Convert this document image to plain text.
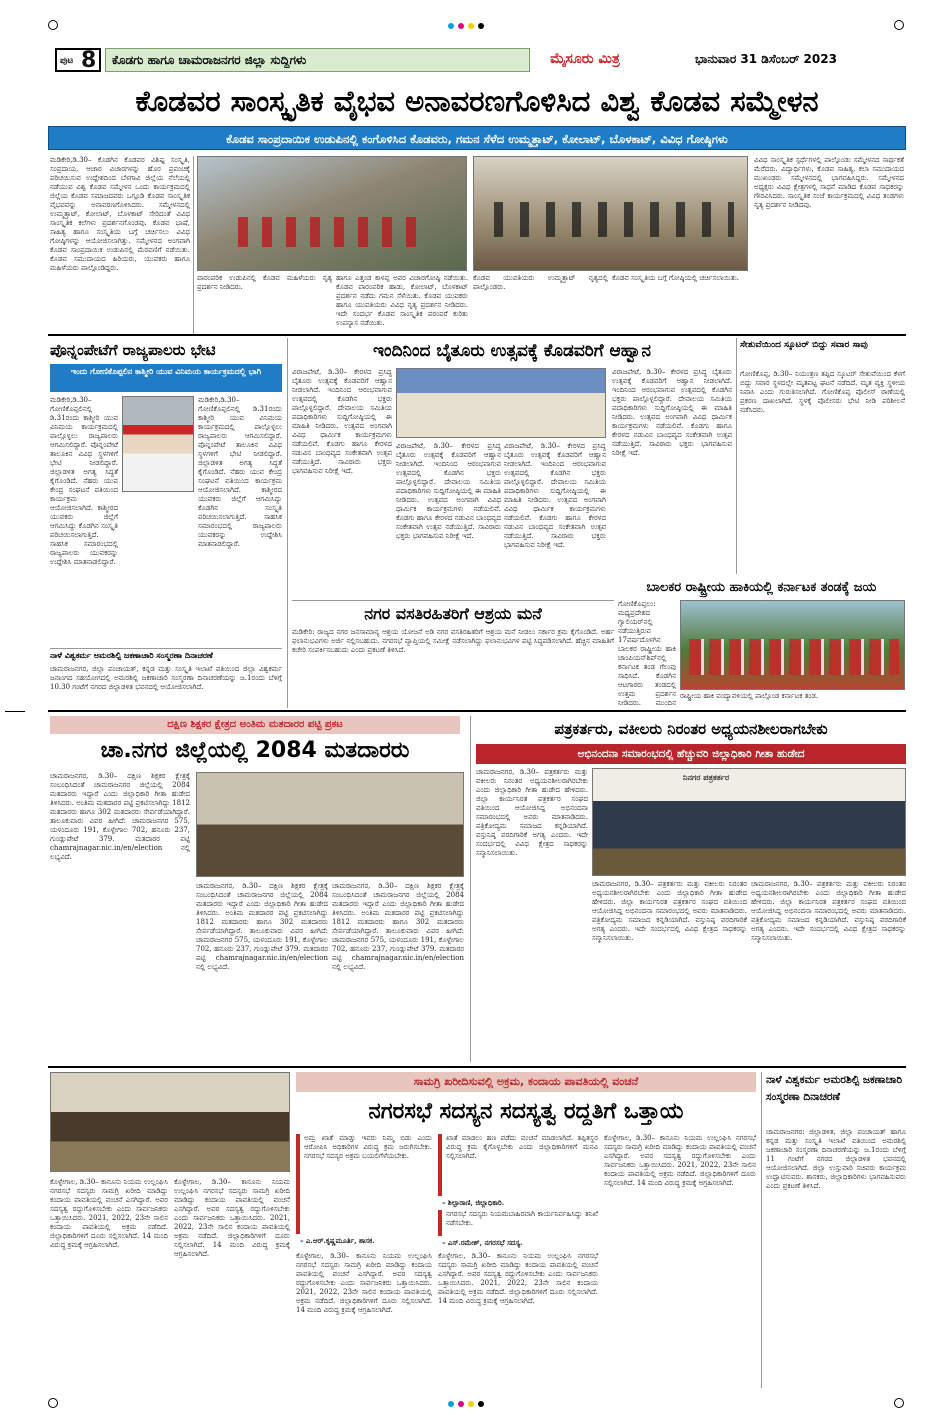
ಪುಟ 8 ಕೊಡಗು ಹಾಗೂ ಚಾಮರಾಜನಗರ ಜಿಲ್ಲಾ ಸುದ್ದಿಗಳು	ಮೈಸೂರು ಮಿತ್ರ	ಭಾನುವಾರ 31 ಡಿಸೆಂಬರ್ 2023
ಕೊಡವರ ಸಾಂಸ್ಕೃತಿಕ ವೈಭವ ಅನಾವರಣಗೊಳಿಸಿದ ವಿಶ್ವ ಕೊಡವ ಸಮ್ಮೇಳನ
ಕೊಡವ ಸಾಂಪ್ರದಾಯಿಕ ಉಡುಪಿನಲ್ಲಿ ಕಂಗೊಳಿಸಿದ ಕೊಡವರು, ಗಮನ ಸೆಳೆದ ಉಮ್ಮತ್ತಾಟ್, ಕೋಲಾಟ್, ಬೊಳಕಾಟ್, ವಿವಿಧ ಗೋಷ್ಠಿಗಳು
ಮಡಿಕೇರಿ,ಡಿ.30– ಕೊಡಗಿನ ಕೊಡವರ ವಿಶಿಷ್ಟ ಸಂಸ್ಕೃತಿ, ಸಂಪ್ರದಾಯ, ಆಚಾರ ವಿಚಾರಗಳನ್ನು ಹೊರ ಪ್ರಪಂಚಕ್ಕೆ ಪರಿಚಯಿಸುವ ಉದ್ದೇಶದಿಂದ ಬೆಳಗಾವಿ ಜಿಲ್ಲೆಯ ನೆಲೆಯಲ್ಲಿ ನಡೆಯುವ ವಿಶ್ವ ಕೊಡವ ಸಮ್ಮೇಳನ ಒಂದು ಕಾರ್ಯಕ್ರಮದಲ್ಲಿ ಜಿಲ್ಲೆಯ ಕೊಡವ ಸಮಾಜದವರು ಒಗ್ಗೂಡಿ ಕೊಡವ ಸಾಂಸ್ಕೃತಿಕ ವೈಭವವನ್ನು ಅನಾವರಣಗೊಳಿಸಿದರು. ಸಮ್ಮೇಳನದಲ್ಲಿ ಉಮ್ಮತ್ತಾಟ್, ಕೋಲಾಟ್, ಬೊಳಕಾಟ್ ಸೇರಿದಂತೆ ವಿವಿಧ ಸಾಂಸ್ಕೃತಿಕ ಕಲೆಗಳು ಪ್ರದರ್ಶನಗೊಂಡವು. ಕೊಡವ ಭಾಷೆ, ಸಾಹಿತ್ಯ ಹಾಗೂ ಸಂಸ್ಕೃತಿಯ ಬಗ್ಗೆ ಚರ್ಚಿಸಲು ವಿವಿಧ ಗೋಷ್ಠಿಗಳನ್ನು ಆಯೋಜಿಸಲಾಗಿತ್ತು. ಸಮ್ಮೇಳನದ ಅಂಗವಾಗಿ ಕೊಡವ ಸಾಂಪ್ರದಾಯಿಕ ಉಡುಪಿನಲ್ಲಿ ಮೆರವಣಿಗೆ ನಡೆಯಿತು. ಕೊಡವ ಸಮುದಾಯದ ಹಿರಿಯರು, ಯುವಕರು ಹಾಗೂ ಮಹಿಳೆಯರು ಪಾಲ್ಗೊಂಡಿದ್ದರು.
ವಿವಿಧ ಸಾಂಸ್ಕೃತಿಕ ಸ್ಪರ್ಧೆಗಳಲ್ಲಿ ಪಾಲ್ಗೊಂಡು ಸಮ್ಮೇಳನದ ಸಾರ್ಥಕತೆ ಮೆರೆದರು. ವಿದ್ಯಾರ್ಥಿಗಳು, ಕೊಡವ ಸಾಹಿತ್ಯ, ಕಲಾ ಸಮುದಾಯದ ಮುಖಂಡರು ಸಮ್ಮೇಳನದಲ್ಲಿ ಭಾಗವಹಿಸಿದ್ದರು. ಸಮ್ಮೇಳನದ ಅಧ್ಯಕ್ಷರು ವಿವಿಧ ಕ್ಷೇತ್ರಗಳಲ್ಲಿ ಸಾಧನೆ ಮಾಡಿದ ಕೊಡವ ಸಾಧಕರನ್ನು ಗೌರವಿಸಿದರು. ಸಾಂಸ್ಕೃತಿಕ ಸಂಜೆ ಕಾರ್ಯಕ್ರಮದಲ್ಲಿ ವಿವಿಧ ತಂಡಗಳು ನೃತ್ಯ ಪ್ರದರ್ಶನ ನೀಡಿದವು.
ಪಾರಂಪರಿಕ ಉಡುಪಿನಲ್ಲಿ ಕೊಡವ ಮಹಿಳೆಯರು ನೃತ್ಯ ಪ್ರದರ್ಶನ ನೀಡಿದರು.
ಹಾಗೂ ಎತ್ತಂಡ ಕಾಳಪ್ಪ ಅವರ ವಿಚಾರಗೋಷ್ಠಿ ನಡೆಯಿತು. ಕೊಡವ ಪಾರಂಪರಿಕ ಹಾಡು, ಕೋಲಾಟ್, ಬೊಳಕಾಟ್ ಪ್ರದರ್ಶನ ನಡೆದು ಗಮನ ಸೆಳೆಯಿತು. ಕೊಡವ ಯುವಕರು ಹಾಗೂ ಯುವತಿಯರು ವಿವಿಧ ನೃತ್ಯ ಪ್ರದರ್ಶನ ನೀಡಿದರು. ಇದೇ ಸಂದರ್ಭ ಕೊಡವ ಸಾಂಸ್ಕೃತಿಕ ಪರಂಪರೆ ಕುರಿತು ಉಪನ್ಯಾಸ ನಡೆಯಿತು.
ಕೊಡವ ಯುವತಿಯರು ಉಮ್ಮತ್ತಾಟ್ ನೃತ್ಯದಲ್ಲಿ ಪಾಲ್ಗೊಂಡರು.
ಕೊಡವ ಸಂಸ್ಕೃತಿಯ ಬಗ್ಗೆ ಗೋಷ್ಠಿಯಲ್ಲಿ ಚರ್ಚಿಸಲಾಯಿತು.
ಪೊನ್ನಂಪೇಟೆಗೆ ರಾಜ್ಯಪಾಲರು ಭೇಟಿ
ಇಂದು ಗೋಣಿಕೊಪ್ಪಲಿನ ಕಾಶ್ಮೀರಿ ಯುವ ವಿನಿಮಯ ಕಾರ್ಯಕ್ರಮದಲ್ಲಿ ಭಾಗಿ
ಮಡಿಕೇರಿ,ಡಿ.30– ಗೋಣಿಕೊಪ್ಪಲಿನಲ್ಲಿ ಡಿ.31ರಂದು ಕಾಶ್ಮೀರಿ ಯುವ ವಿನಿಮಯ ಕಾರ್ಯಕ್ರಮದಲ್ಲಿ ಪಾಲ್ಗೊಳ್ಳಲು ರಾಜ್ಯಪಾಲರು ಆಗಮಿಸಲಿದ್ದಾರೆ. ಪೊನ್ನಂಪೇಟೆ ತಾಲೂಕಿನ ವಿವಿಧ ಸ್ಥಳಗಳಿಗೆ ಭೇಟಿ ನೀಡಲಿದ್ದಾರೆ. ಜಿಲ್ಲಾಡಳಿತ ಅಗತ್ಯ ಸಿದ್ಧತೆ ಕೈಗೊಂಡಿದೆ. ನೆಹರು ಯುವ ಕೇಂದ್ರ ಸಂಘಟನೆ ವತಿಯಿಂದ ಕಾರ್ಯಕ್ರಮ ಆಯೋಜಿಸಲಾಗಿದೆ. ಕಾಶ್ಮೀರದ ಯುವಕರು ಜಿಲ್ಲೆಗೆ ಆಗಮಿಸಿದ್ದು ಕೊಡಗಿನ ಸಂಸ್ಕೃತಿ ಪರಿಚಯಿಸಲಾಗುತ್ತಿದೆ. ಸಾಹಸಿಕ ಸಮಾರಂಭದಲ್ಲಿ ರಾಜ್ಯಪಾಲರು ಯುವಕರನ್ನು ಉದ್ದೇಶಿಸಿ ಮಾತನಾಡಲಿದ್ದಾರೆ.
ಮಡಿಕೇರಿ,ಡಿ.30– ಗೋಣಿಕೊಪ್ಪಲಿನಲ್ಲಿ ಡಿ.31ರಂದು ಕಾಶ್ಮೀರಿ ಯುವ ವಿನಿಮಯ ಕಾರ್ಯಕ್ರಮದಲ್ಲಿ ಪಾಲ್ಗೊಳ್ಳಲು ರಾಜ್ಯಪಾಲರು ಆಗಮಿಸಲಿದ್ದಾರೆ. ಪೊನ್ನಂಪೇಟೆ ತಾಲೂಕಿನ ವಿವಿಧ ಸ್ಥಳಗಳಿಗೆ ಭೇಟಿ ನೀಡಲಿದ್ದಾರೆ. ಜಿಲ್ಲಾಡಳಿತ ಅಗತ್ಯ ಸಿದ್ಧತೆ ಕೈಗೊಂಡಿದೆ. ನೆಹರು ಯುವ ಕೇಂದ್ರ ಸಂಘಟನೆ ವತಿಯಿಂದ ಕಾರ್ಯಕ್ರಮ ಆಯೋಜಿಸಲಾಗಿದೆ. ಕಾಶ್ಮೀರದ ಯುವಕರು ಜಿಲ್ಲೆಗೆ ಆಗಮಿಸಿದ್ದು ಕೊಡಗಿನ ಸಂಸ್ಕೃತಿ ಪರಿಚಯಿಸಲಾಗುತ್ತಿದೆ. ಸಾಹಸಿಕ ಸಮಾರಂಭದಲ್ಲಿ ರಾಜ್ಯಪಾಲರು ಯುವಕರನ್ನು ಉದ್ದೇಶಿಸಿ ಮಾತನಾಡಲಿದ್ದಾರೆ.
ನಾಳೆ ವಿಶ್ವಕರ್ಮ ಅಮರಶಿಲ್ಪಿ ಜಕಣಾಚಾರಿ ಸಂಸ್ಮರಣಾ ದಿನಾಚರಣೆ
ಚಾಮರಾಜನಗರ, ಜಿಲ್ಲಾ ಪಂಚಾಯತ್, ಕನ್ನಡ ಮತ್ತು ಸಂಸ್ಕೃತಿ ಇಲಾಖೆ ವತಿಯಿಂದ ಜಿಲ್ಲಾ ವಿಶ್ವಕರ್ಮ ಜನಾಂಗದ ಸಹಯೋಗದಲ್ಲಿ ಅಮರಶಿಲ್ಪಿ ಜಕಣಾಚಾರಿ ಸಂಸ್ಮರಣಾ ದಿನಾಚರಣೆಯನ್ನು ಜ.1ರಂದು ಬೆಳಿಗ್ಗೆ 10.30 ಗಂಟೆಗೆ ನಗರದ ಜಿಲ್ಲಾಡಳಿತ ಭವನದಲ್ಲಿ ಆಯೋಜಿಸಲಾಗಿದೆ.
ಇಂದಿನಿಂದ ಬೈತೂರು ಉತ್ಸವಕ್ಕೆ ಕೊಡವರಿಗೆ ಆಹ್ವಾನ
ವಿರಾಜಪೇಟೆ, ಡಿ.30– ಕೇರಳದ ಪ್ರಸಿದ್ಧ ಬೈತೂರು ಉತ್ಸವಕ್ಕೆ ಕೊಡವರಿಗೆ ಆಹ್ವಾನ ನೀಡಲಾಗಿದೆ. ಇಂದಿನಿಂದ ಆರಂಭವಾಗುವ ಉತ್ಸವದಲ್ಲಿ ಕೊಡಗಿನ ಭಕ್ತರು ಪಾಲ್ಗೊಳ್ಳಲಿದ್ದಾರೆ. ದೇವಾಲಯ ಸಮಿತಿಯ ಪದಾಧಿಕಾರಿಗಳು ಸುದ್ದಿಗೋಷ್ಠಿಯಲ್ಲಿ ಈ ಮಾಹಿತಿ ನೀಡಿದರು. ಉತ್ಸವದ ಅಂಗವಾಗಿ ವಿವಿಧ ಧಾರ್ಮಿಕ ಕಾರ್ಯಕ್ರಮಗಳು ನಡೆಯಲಿವೆ. ಕೊಡಗು ಹಾಗೂ ಕೇರಳದ ನಡುವಿನ ಬಾಂಧವ್ಯದ ಸಂಕೇತವಾಗಿ ಉತ್ಸವ ನಡೆಯುತ್ತಿದೆ. ಸಾವಿರಾರು ಭಕ್ತರು ಭಾಗವಹಿಸುವ ನಿರೀಕ್ಷೆ ಇದೆ.
ವಿರಾಜಪೇಟೆ, ಡಿ.30– ಕೇರಳದ ಪ್ರಸಿದ್ಧ ಬೈತೂರು ಉತ್ಸವಕ್ಕೆ ಕೊಡವರಿಗೆ ಆಹ್ವಾನ ನೀಡಲಾಗಿದೆ. ಇಂದಿನಿಂದ ಆರಂಭವಾಗುವ ಉತ್ಸವದಲ್ಲಿ ಕೊಡಗಿನ ಭಕ್ತರು ಪಾಲ್ಗೊಳ್ಳಲಿದ್ದಾರೆ. ದೇವಾಲಯ ಸಮಿತಿಯ ಪದಾಧಿಕಾರಿಗಳು ಸುದ್ದಿಗೋಷ್ಠಿಯಲ್ಲಿ ಈ ಮಾಹಿತಿ ನೀಡಿದರು. ಉತ್ಸವದ ಅಂಗವಾಗಿ ವಿವಿಧ ಧಾರ್ಮಿಕ ಕಾರ್ಯಕ್ರಮಗಳು ನಡೆಯಲಿವೆ. ಕೊಡಗು ಹಾಗೂ ಕೇರಳದ ನಡುವಿನ ಬಾಂಧವ್ಯದ ಸಂಕೇತವಾಗಿ ಉತ್ಸವ ನಡೆಯುತ್ತಿದೆ. ಸಾವಿರಾರು ಭಕ್ತರು ಭಾಗವಹಿಸುವ ನಿರೀಕ್ಷೆ ಇದೆ.
ವಿರಾಜಪೇಟೆ, ಡಿ.30– ಕೇರಳದ ಪ್ರಸಿದ್ಧ ಬೈತೂರು ಉತ್ಸವಕ್ಕೆ ಕೊಡವರಿಗೆ ಆಹ್ವಾನ ನೀಡಲಾಗಿದೆ. ಇಂದಿನಿಂದ ಆರಂಭವಾಗುವ ಉತ್ಸವದಲ್ಲಿ ಕೊಡಗಿನ ಭಕ್ತರು ಪಾಲ್ಗೊಳ್ಳಲಿದ್ದಾರೆ. ದೇವಾಲಯ ಸಮಿತಿಯ ಪದಾಧಿಕಾರಿಗಳು ಸುದ್ದಿಗೋಷ್ಠಿಯಲ್ಲಿ ಈ ಮಾಹಿತಿ ನೀಡಿದರು. ಉತ್ಸವದ ಅಂಗವಾಗಿ ವಿವಿಧ ಧಾರ್ಮಿಕ ಕಾರ್ಯಕ್ರಮಗಳು ನಡೆಯಲಿವೆ. ಕೊಡಗು ಹಾಗೂ ಕೇರಳದ ನಡುವಿನ ಬಾಂಧವ್ಯದ ಸಂಕೇತವಾಗಿ ಉತ್ಸವ ನಡೆಯುತ್ತಿದೆ. ಸಾವಿರಾರು ಭಕ್ತರು ಭಾಗವಹಿಸುವ ನಿರೀಕ್ಷೆ ಇದೆ.
ವಿರಾಜಪೇಟೆ, ಡಿ.30– ಕೇರಳದ ಪ್ರಸಿದ್ಧ ಬೈತೂರು ಉತ್ಸವಕ್ಕೆ ಕೊಡವರಿಗೆ ಆಹ್ವಾನ ನೀಡಲಾಗಿದೆ. ಇಂದಿನಿಂದ ಆರಂಭವಾಗುವ ಉತ್ಸವದಲ್ಲಿ ಕೊಡಗಿನ ಭಕ್ತರು ಪಾಲ್ಗೊಳ್ಳಲಿದ್ದಾರೆ. ದೇವಾಲಯ ಸಮಿತಿಯ ಪದಾಧಿಕಾರಿಗಳು ಸುದ್ದಿಗೋಷ್ಠಿಯಲ್ಲಿ ಈ ಮಾಹಿತಿ ನೀಡಿದರು. ಉತ್ಸವದ ಅಂಗವಾಗಿ ವಿವಿಧ ಧಾರ್ಮಿಕ ಕಾರ್ಯಕ್ರಮಗಳು ನಡೆಯಲಿವೆ. ಕೊಡಗು ಹಾಗೂ ಕೇರಳದ ನಡುವಿನ ಬಾಂಧವ್ಯದ ಸಂಕೇತವಾಗಿ ಉತ್ಸವ ನಡೆಯುತ್ತಿದೆ. ಸಾವಿರಾರು ಭಕ್ತರು ಭಾಗವಹಿಸುವ ನಿರೀಕ್ಷೆ ಇದೆ.
ನಗರ ವಸತಿರಹಿತರಿಗೆ ಆಶ್ರಯ ಮನೆ
ಮಡಿಕೇರಿ: ರಾಜ್ಯದ ನಗರ ಜನಸಾಮಾನ್ಯ ಆಶ್ರಯ ಯೋಜನೆ ಅಡಿ ನಗರ ವಸತಿರಹಿತರಿಗೆ ಆಶ್ರಯ ಮನೆ ನೀಡಲು ಸರ್ಕಾರ ಕ್ರಮ ಕೈಗೊಂಡಿದೆ. ಅರ್ಹ ಫಲಾನುಭವಿಗಳು ಅರ್ಜಿ ಸಲ್ಲಿಸಬಹುದು. ನಗರಸಭೆ ವ್ಯಾಪ್ತಿಯಲ್ಲಿ ಸಮೀಕ್ಷೆ ನಡೆಸಲಾಗಿದ್ದು ಫಲಾನುಭವಿಗಳ ಪಟ್ಟಿ ಸಿದ್ಧಪಡಿಸಲಾಗಿದೆ. ಹೆಚ್ಚಿನ ಮಾಹಿತಿಗೆ ಕಚೇರಿ ಸಂಪರ್ಕಿಸಬಹುದು ಎಂದು ಪ್ರಕಟಣೆ ತಿಳಿಸಿದೆ.
ಬಾಲಕರ ರಾಷ್ಟ್ರೀಯ ಹಾಕಿಯಲ್ಲಿ ಕರ್ನಾಟಕ ತಂಡಕ್ಕೆ ಜಯ
ಗೋಣಿಕೊಪ್ಪಲು: ಮಧ್ಯಪ್ರದೇಶದ ಗ್ವಾಲಿಯರ್‌ನಲ್ಲಿ ನಡೆಯುತ್ತಿರುವ 17ವರ್ಷದೊಳಗಿನ ಬಾಲಕರ ರಾಷ್ಟ್ರೀಯ ಹಾಕಿ ಚಾಂಪಿಯನ್‌ಶಿಪ್‌ನಲ್ಲಿ ಕರ್ನಾಟಕ ತಂಡ ಗೆಲುವು ಸಾಧಿಸಿದೆ. ಕೊಡಗಿನ ಆಟಗಾರರು ತಂಡದಲ್ಲಿ ಉತ್ತಮ ಪ್ರದರ್ಶನ ನೀಡಿದರು. ಮುಂದಿನ
ರಾಷ್ಟ್ರೀಯ ಹಾಕಿ ಪಂದ್ಯಾವಳಿಯಲ್ಲಿ ಪಾಲ್ಗೊಂಡ ಕರ್ನಾಟಕ ತಂಡ.
ಸೇತುವೆಯಿಂದ ಸ್ಕೂಟರ್ ಬಿದ್ದು ಸವಾರ ಸಾವು
ಗೋಣಿಕೊಪ್ಪ, ಡಿ.30– ನಿಯಂತ್ರಣ ತಪ್ಪಿದ ಸ್ಕೂಟರ್ ಸೇತುವೆಯಿಂದ ಕೆಳಗೆ ಬಿದ್ದು ಸವಾರ ಸ್ಥಳದಲ್ಲೇ ಮೃತಪಟ್ಟ ಘಟನೆ ನಡೆದಿದೆ. ಮೃತ ವ್ಯಕ್ತಿ ಸ್ಥಳೀಯ ನಿವಾಸಿ ಎಂದು ಗುರುತಿಸಲಾಗಿದೆ. ಗೋಣಿಕೊಪ್ಪ ಪೊಲೀಸ್ ಠಾಣೆಯಲ್ಲಿ ಪ್ರಕರಣ ದಾಖಲಾಗಿದೆ. ಸ್ಥಳಕ್ಕೆ ಪೊಲೀಸರು ಭೇಟಿ ನೀಡಿ ಪರಿಶೀಲನೆ ನಡೆಸಿದರು.
ದಕ್ಷಿಣ ಶಿಕ್ಷಕರ ಕ್ಷೇತ್ರದ ಅಂತಿಮ ಮತದಾರರ ಪಟ್ಟಿ ಪ್ರಕಟ
ಚಾ.ನಗರ ಜಿಲ್ಲೆಯಲ್ಲಿ 2084 ಮತದಾರರು
ಚಾಮರಾಜನಗರ, ಡಿ.30– ದಕ್ಷಿಣ ಶಿಕ್ಷಕರ ಕ್ಷೇತ್ರಕ್ಕೆ ಸಂಬಂಧಿಸಿದಂತೆ ಚಾಮರಾಜನಗರ ಜಿಲ್ಲೆಯಲ್ಲಿ 2084 ಮತದಾರರು ಇದ್ದಾರೆ ಎಂದು ಜಿಲ್ಲಾಧಿಕಾರಿ ಗೀತಾ ಹುಡೇದ ತಿಳಿಸಿದರು. ಅಂತಿಮ ಮತದಾರರ ಪಟ್ಟಿ ಪ್ರಕಟಿಸಲಾಗಿದ್ದು 1812 ಮತದಾರರು ಹಾಗೂ 302 ಮತದಾರರು ಸೇರ್ಪಡೆಯಾಗಿದ್ದಾರೆ. ತಾಲೂಕುವಾರು ವಿವರ ಹೀಗಿದೆ: ಚಾಮರಾಜನಗರ 575, ಯಳಂದೂರು 191, ಕೊಳ್ಳೇಗಾಲ 702, ಹನೂರು 237, ಗುಂಡ್ಲುಪೇಟೆ 379. ಮತದಾರರ ಪಟ್ಟಿ chamrajnagar.nic.in/en/election ನಲ್ಲಿ ಲಭ್ಯವಿದೆ.
ಚಾಮರಾಜನಗರ, ಡಿ.30– ದಕ್ಷಿಣ ಶಿಕ್ಷಕರ ಕ್ಷೇತ್ರಕ್ಕೆ ಸಂಬಂಧಿಸಿದಂತೆ ಚಾಮರಾಜನಗರ ಜಿಲ್ಲೆಯಲ್ಲಿ 2084 ಮತದಾರರು ಇದ್ದಾರೆ ಎಂದು ಜಿಲ್ಲಾಧಿಕಾರಿ ಗೀತಾ ಹುಡೇದ ತಿಳಿಸಿದರು. ಅಂತಿಮ ಮತದಾರರ ಪಟ್ಟಿ ಪ್ರಕಟಿಸಲಾಗಿದ್ದು 1812 ಮತದಾರರು ಹಾಗೂ 302 ಮತದಾರರು ಸೇರ್ಪಡೆಯಾಗಿದ್ದಾರೆ. ತಾಲೂಕುವಾರು ವಿವರ ಹೀಗಿದೆ: ಚಾಮರಾಜನಗರ 575, ಯಳಂದೂರು 191, ಕೊಳ್ಳೇಗಾಲ 702, ಹನೂರು 237, ಗುಂಡ್ಲುಪೇಟೆ 379. ಮತದಾರರ ಪಟ್ಟಿ chamrajnagar.nic.in/en/election ನಲ್ಲಿ ಲಭ್ಯವಿದೆ.
ಚಾಮರಾಜನಗರ, ಡಿ.30– ದಕ್ಷಿಣ ಶಿಕ್ಷಕರ ಕ್ಷೇತ್ರಕ್ಕೆ ಸಂಬಂಧಿಸಿದಂತೆ ಚಾಮರಾಜನಗರ ಜಿಲ್ಲೆಯಲ್ಲಿ 2084 ಮತದಾರರು ಇದ್ದಾರೆ ಎಂದು ಜಿಲ್ಲಾಧಿಕಾರಿ ಗೀತಾ ಹುಡೇದ ತಿಳಿಸಿದರು. ಅಂತಿಮ ಮತದಾರರ ಪಟ್ಟಿ ಪ್ರಕಟಿಸಲಾಗಿದ್ದು 1812 ಮತದಾರರು ಹಾಗೂ 302 ಮತದಾರರು ಸೇರ್ಪಡೆಯಾಗಿದ್ದಾರೆ. ತಾಲೂಕುವಾರು ವಿವರ ಹೀಗಿದೆ: ಚಾಮರಾಜನಗರ 575, ಯಳಂದೂರು 191, ಕೊಳ್ಳೇಗಾಲ 702, ಹನೂರು 237, ಗುಂಡ್ಲುಪೇಟೆ 379. ಮತದಾರರ ಪಟ್ಟಿ chamrajnagar.nic.in/en/election ನಲ್ಲಿ ಲಭ್ಯವಿದೆ.
ಪತ್ರಕರ್ತರು, ವಕೀಲರು ನಿರಂತರ ಅಧ್ಯಯನಶೀಲರಾಗಬೇಕು
ಅಭಿನಂದನಾ ಸಮಾರಂಭದಲ್ಲಿ ಹೆಚ್ಚುವರಿ ಜಿಲ್ಲಾಧಿಕಾರಿ ಗೀತಾ ಹುಡೇದ
ಚಾಮರಾಜನಗರ, ಡಿ.30– ಪತ್ರಕರ್ತರು ಮತ್ತು ವಕೀಲರು ನಿರಂತರ ಅಧ್ಯಯನಶೀಲರಾಗಿರಬೇಕು ಎಂದು ಜಿಲ್ಲಾಧಿಕಾರಿ ಗೀತಾ ಹುಡೇದ ಹೇಳಿದರು. ಜಿಲ್ಲಾ ಕಾರ್ಯನಿರತ ಪತ್ರಕರ್ತರ ಸಂಘದ ವತಿಯಿಂದ ಆಯೋಜಿಸಿದ್ದ ಅಭಿನಂದನಾ ಸಮಾರಂಭದಲ್ಲಿ ಅವರು ಮಾತನಾಡಿದರು. ಪತ್ರಿಕೋದ್ಯಮ ಸಮಾಜದ ಕನ್ನಡಿಯಾಗಿದೆ. ವಸ್ತುನಿಷ್ಠ ವರದಿಗಾರಿಕೆ ಅಗತ್ಯ ಎಂದರು. ಇದೇ ಸಂದರ್ಭದಲ್ಲಿ ವಿವಿಧ ಕ್ಷೇತ್ರದ ಸಾಧಕರನ್ನು ಸನ್ಮಾನಿಸಲಾಯಿತು.
ನಿನಗರ ಪತ್ರಕರ್ತರ
ಚಾಮರಾಜನಗರ, ಡಿ.30– ಪತ್ರಕರ್ತರು ಮತ್ತು ವಕೀಲರು ನಿರಂತರ ಅಧ್ಯಯನಶೀಲರಾಗಿರಬೇಕು ಎಂದು ಜಿಲ್ಲಾಧಿಕಾರಿ ಗೀತಾ ಹುಡೇದ ಹೇಳಿದರು. ಜಿಲ್ಲಾ ಕಾರ್ಯನಿರತ ಪತ್ರಕರ್ತರ ಸಂಘದ ವತಿಯಿಂದ ಆಯೋಜಿಸಿದ್ದ ಅಭಿನಂದನಾ ಸಮಾರಂಭದಲ್ಲಿ ಅವರು ಮಾತನಾಡಿದರು. ಪತ್ರಿಕೋದ್ಯಮ ಸಮಾಜದ ಕನ್ನಡಿಯಾಗಿದೆ. ವಸ್ತುನಿಷ್ಠ ವರದಿಗಾರಿಕೆ ಅಗತ್ಯ ಎಂದರು. ಇದೇ ಸಂದರ್ಭದಲ್ಲಿ ವಿವಿಧ ಕ್ಷೇತ್ರದ ಸಾಧಕರನ್ನು ಸನ್ಮಾನಿಸಲಾಯಿತು.
ಚಾಮರಾಜನಗರ, ಡಿ.30– ಪತ್ರಕರ್ತರು ಮತ್ತು ವಕೀಲರು ನಿರಂತರ ಅಧ್ಯಯನಶೀಲರಾಗಿರಬೇಕು ಎಂದು ಜಿಲ್ಲಾಧಿಕಾರಿ ಗೀತಾ ಹುಡೇದ ಹೇಳಿದರು. ಜಿಲ್ಲಾ ಕಾರ್ಯನಿರತ ಪತ್ರಕರ್ತರ ಸಂಘದ ವತಿಯಿಂದ ಆಯೋಜಿಸಿದ್ದ ಅಭಿನಂದನಾ ಸಮಾರಂಭದಲ್ಲಿ ಅವರು ಮಾತನಾಡಿದರು. ಪತ್ರಿಕೋದ್ಯಮ ಸಮಾಜದ ಕನ್ನಡಿಯಾಗಿದೆ. ವಸ್ತುನಿಷ್ಠ ವರದಿಗಾರಿಕೆ ಅಗತ್ಯ ಎಂದರು. ಇದೇ ಸಂದರ್ಭದಲ್ಲಿ ವಿವಿಧ ಕ್ಷೇತ್ರದ ಸಾಧಕರನ್ನು ಸನ್ಮಾನಿಸಲಾಯಿತು.
ಸಾಮಗ್ರಿ ಖರೀದಿಸುವಲ್ಲಿ ಅಕ್ರಮ, ಕಂದಾಯ ಪಾವತಿಯಲ್ಲಿ ವಂಚನೆ
ನಗರಸಭೆ ಸದಸ್ಯನ ಸದಸ್ಯತ್ವ ರದ್ದತಿಗೆ ಒತ್ತಾಯ
ಅಮ್ರ ಖಾತೆ ಮಾಡ್ತು ಇವರು ನಿಮ್ಮ ಬಿಡು ಎಂದು ಆರೋಪಿಸಿ ಅಧಿಕಾರಿಗಳ ವಿರುದ್ಧ ಕ್ರಮ ಜರುಗಿಸಬೇಕು. ನಗರಸಭೆ ಸದಸ್ಯರ ಅಕ್ರಮ ಬಯಲಿಗೆಳೆಯಬೇಕು.
– ಎ.ಆರ್.ಕೃಷ್ಣಮೂರ್ತಿ, ಶಾಸಕ.
ಖಾತೆ ಮಾಡಲು ಹಣ ಪಡೆದು ವಂಚನೆ ಮಾಡಲಾಗಿದೆ. ತಪ್ಪಿತಸ್ಥರ ವಿರುದ್ಧ ಕ್ರಮ ಕೈಗೊಳ್ಳಬೇಕು ಎಂದು ಜಿಲ್ಲಾಧಿಕಾರಿಗಳಿಗೆ ಮನವಿ ಸಲ್ಲಿಸಲಾಗಿದೆ.
– ಶಿಲ್ಪಾರಾಣಿ, ಜಿಲ್ಲಾಧಿಕಾರಿ.
ನಗರಸಭೆ ಸದಸ್ಯರು ನಿಯಮಬಾಹಿರವಾಗಿ ಕಾರ್ಯನಿರ್ವಹಿಸಿದ್ದು ತನಿಖೆ ನಡೆಸಬೇಕು.
– ಎಸ್.ರಮೇಶ್, ನಗರಸಭೆ ಸದಸ್ಯ.
ಕೊಳ್ಳೇಗಾಲ, ಡಿ.30– ಕಾನೂನು ನಿಯಮ ಉಲ್ಲಂಘಿಸಿ ನಗರಸಭೆ ಸದಸ್ಯರು ಸಾಮಗ್ರಿ ಖರೀದಿ ಮಾಡಿದ್ದು ಕಂದಾಯ ಪಾವತಿಯಲ್ಲಿ ವಂಚನೆ ಎಸಗಿದ್ದಾರೆ. ಅವರ ಸದಸ್ಯತ್ವ ರದ್ದುಗೊಳಿಸಬೇಕು ಎಂದು ಸಾರ್ವಜನಿಕರು ಒತ್ತಾಯಿಸಿದರು. 2021, 2022, 23ನೇ ಸಾಲಿನ ಕಂದಾಯ ಪಾವತಿಯಲ್ಲಿ ಅಕ್ರಮ ನಡೆದಿದೆ. ಜಿಲ್ಲಾಧಿಕಾರಿಗಳಿಗೆ ದೂರು ಸಲ್ಲಿಸಲಾಗಿದೆ. 14 ಮಂದಿ ವಿರುದ್ಧ ಕ್ರಮಕ್ಕೆ ಆಗ್ರಹಿಸಲಾಗಿದೆ.
ಕೊಳ್ಳೇಗಾಲ, ಡಿ.30– ಕಾನೂನು ನಿಯಮ ಉಲ್ಲಂಘಿಸಿ ನಗರಸಭೆ ಸದಸ್ಯರು ಸಾಮಗ್ರಿ ಖರೀದಿ ಮಾಡಿದ್ದು ಕಂದಾಯ ಪಾವತಿಯಲ್ಲಿ ವಂಚನೆ ಎಸಗಿದ್ದಾರೆ. ಅವರ ಸದಸ್ಯತ್ವ ರದ್ದುಗೊಳಿಸಬೇಕು ಎಂದು ಸಾರ್ವಜನಿಕರು ಒತ್ತಾಯಿಸಿದರು. 2021, 2022, 23ನೇ ಸಾಲಿನ ಕಂದಾಯ ಪಾವತಿಯಲ್ಲಿ ಅಕ್ರಮ ನಡೆದಿದೆ. ಜಿಲ್ಲಾಧಿಕಾರಿಗಳಿಗೆ ದೂರು ಸಲ್ಲಿಸಲಾಗಿದೆ. 14 ಮಂದಿ ವಿರುದ್ಧ ಕ್ರಮಕ್ಕೆ ಆಗ್ರಹಿಸಲಾಗಿದೆ.	ಕೊಳ್ಳೇಗಾಲ, ಡಿ.30– ಕಾನೂನು ನಿಯಮ ಉಲ್ಲಂಘಿಸಿ ನಗರಸಭೆ ಸದಸ್ಯರು ಸಾಮಗ್ರಿ ಖರೀದಿ ಮಾಡಿದ್ದು ಕಂದಾಯ ಪಾವತಿಯಲ್ಲಿ ವಂಚನೆ ಎಸಗಿದ್ದಾರೆ. ಅವರ ಸದಸ್ಯತ್ವ ರದ್ದುಗೊಳಿಸಬೇಕು ಎಂದು ಸಾರ್ವಜನಿಕರು ಒತ್ತಾಯಿಸಿದರು. 2021, 2022, 23ನೇ ಸಾಲಿನ ಕಂದಾಯ ಪಾವತಿಯಲ್ಲಿ ಅಕ್ರಮ ನಡೆದಿದೆ. ಜಿಲ್ಲಾಧಿಕಾರಿಗಳಿಗೆ ದೂರು ಸಲ್ಲಿಸಲಾಗಿದೆ. 14 ಮಂದಿ ವಿರುದ್ಧ ಕ್ರಮಕ್ಕೆ ಆಗ್ರಹಿಸಲಾಗಿದೆ.
ಕೊಳ್ಳೇಗಾಲ, ಡಿ.30– ಕಾನೂನು ನಿಯಮ ಉಲ್ಲಂಘಿಸಿ ನಗರಸಭೆ ಸದಸ್ಯರು ಸಾಮಗ್ರಿ ಖರೀದಿ ಮಾಡಿದ್ದು ಕಂದಾಯ ಪಾವತಿಯಲ್ಲಿ ವಂಚನೆ ಎಸಗಿದ್ದಾರೆ. ಅವರ ಸದಸ್ಯತ್ವ ರದ್ದುಗೊಳಿಸಬೇಕು ಎಂದು ಸಾರ್ವಜನಿಕರು ಒತ್ತಾಯಿಸಿದರು. 2021, 2022, 23ನೇ ಸಾಲಿನ ಕಂದಾಯ ಪಾವತಿಯಲ್ಲಿ ಅಕ್ರಮ ನಡೆದಿದೆ. ಜಿಲ್ಲಾಧಿಕಾರಿಗಳಿಗೆ ದೂರು ಸಲ್ಲಿಸಲಾಗಿದೆ. 14 ಮಂದಿ ವಿರುದ್ಧ ಕ್ರಮಕ್ಕೆ ಆಗ್ರಹಿಸಲಾಗಿದೆ.
ಕೊಳ್ಳೇಗಾಲ, ಡಿ.30– ಕಾನೂನು ನಿಯಮ ಉಲ್ಲಂಘಿಸಿ ನಗರಸಭೆ ಸದಸ್ಯರು ಸಾಮಗ್ರಿ ಖರೀದಿ ಮಾಡಿದ್ದು ಕಂದಾಯ ಪಾವತಿಯಲ್ಲಿ ವಂಚನೆ ಎಸಗಿದ್ದಾರೆ. ಅವರ ಸದಸ್ಯತ್ವ ರದ್ದುಗೊಳಿಸಬೇಕು ಎಂದು ಸಾರ್ವಜನಿಕರು ಒತ್ತಾಯಿಸಿದರು. 2021, 2022, 23ನೇ ಸಾಲಿನ ಕಂದಾಯ ಪಾವತಿಯಲ್ಲಿ ಅಕ್ರಮ ನಡೆದಿದೆ. ಜಿಲ್ಲಾಧಿಕಾರಿಗಳಿಗೆ ದೂರು ಸಲ್ಲಿಸಲಾಗಿದೆ. 14 ಮಂದಿ ವಿರುದ್ಧ ಕ್ರಮಕ್ಕೆ ಆಗ್ರಹಿಸಲಾಗಿದೆ.
ನಾಳೆ ವಿಶ್ವಕರ್ಮ ಅಮರಶಿಲ್ಪಿ ಜಕಣಾಚಾರಿ ಸಂಸ್ಮರಣಾ ದಿನಾಚರಣೆ
ಚಾಮರಾಜನಗರ: ಜಿಲ್ಲಾಡಳಿತ, ಜಿಲ್ಲಾ ಪಂಚಾಯತ್ ಹಾಗೂ ಕನ್ನಡ ಮತ್ತು ಸಂಸ್ಕೃತಿ ಇಲಾಖೆ ವತಿಯಿಂದ ಅಮರಶಿಲ್ಪಿ ಜಕಣಾಚಾರಿ ಸಂಸ್ಮರಣಾ ದಿನಾಚರಣೆಯನ್ನು ಜ.1ರಂದು ಬೆಳಿಗ್ಗೆ 11 ಗಂಟೆಗೆ ನಗರದ ಜಿಲ್ಲಾಡಳಿತ ಭವನದಲ್ಲಿ ಆಯೋಜಿಸಲಾಗಿದೆ. ಜಿಲ್ಲಾ ಉಸ್ತುವಾರಿ ಸಚಿವರು ಕಾರ್ಯಕ್ರಮ ಉದ್ಘಾಟಿಸುವರು. ಶಾಸಕರು, ಜಿಲ್ಲಾಧಿಕಾರಿಗಳು ಭಾಗವಹಿಸುವರು ಎಂದು ಪ್ರಕಟಣೆ ತಿಳಿಸಿದೆ.
